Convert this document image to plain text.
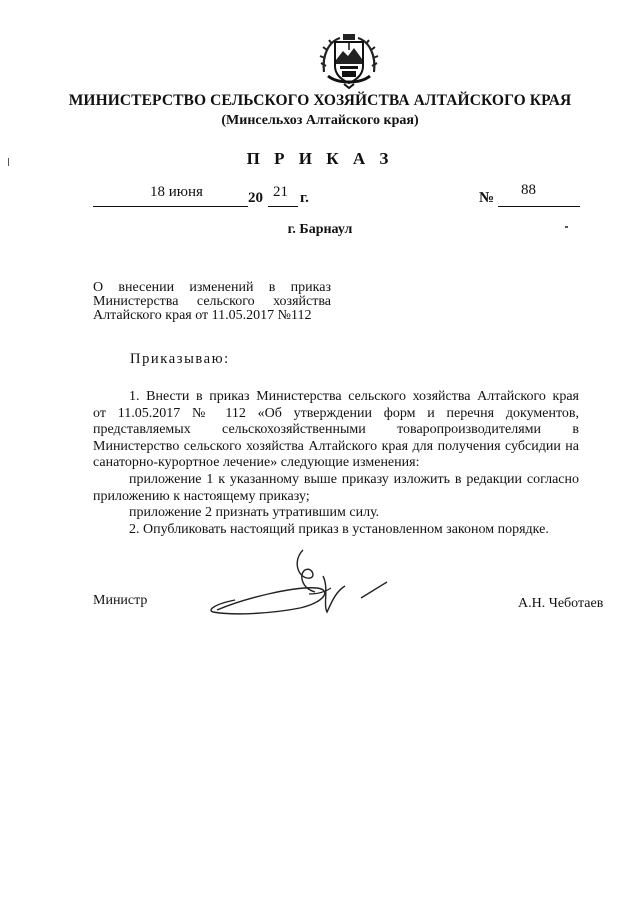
МИНИСТЕРСТВО СЕЛЬСКОГО ХОЗЯЙСТВА АЛТАЙСКОГО КРАЯ
(Минсельхоз Алтайского края)
П Р И К А З
18 июня	20 21 г.	№ 88
г. Барнаул
О внесении изменений в приказ
Министерства сельского хозяйства
Алтайского края от 11.05.2017 №112
Приказываю:

1. Внести в приказ Министерства сельского хозяйства Алтайского края

от 11.05.2017 № 112 «Об утверждении форм и перечня документов,

представляемых сельскохозяйственными товаропроизводителями в

Министерство сельского хозяйства Алтайского края для получения субсидии на

санаторно-курортное лечение» следующие изменения:

приложение 1 к указанному выше приказу изложить в редакции согласно

приложению к настоящему приказу;

приложение 2 признать утратившим силу.

2. Опубликовать настоящий приказ в установленном законом порядке.

Министр	А.Н. Чеботаев
